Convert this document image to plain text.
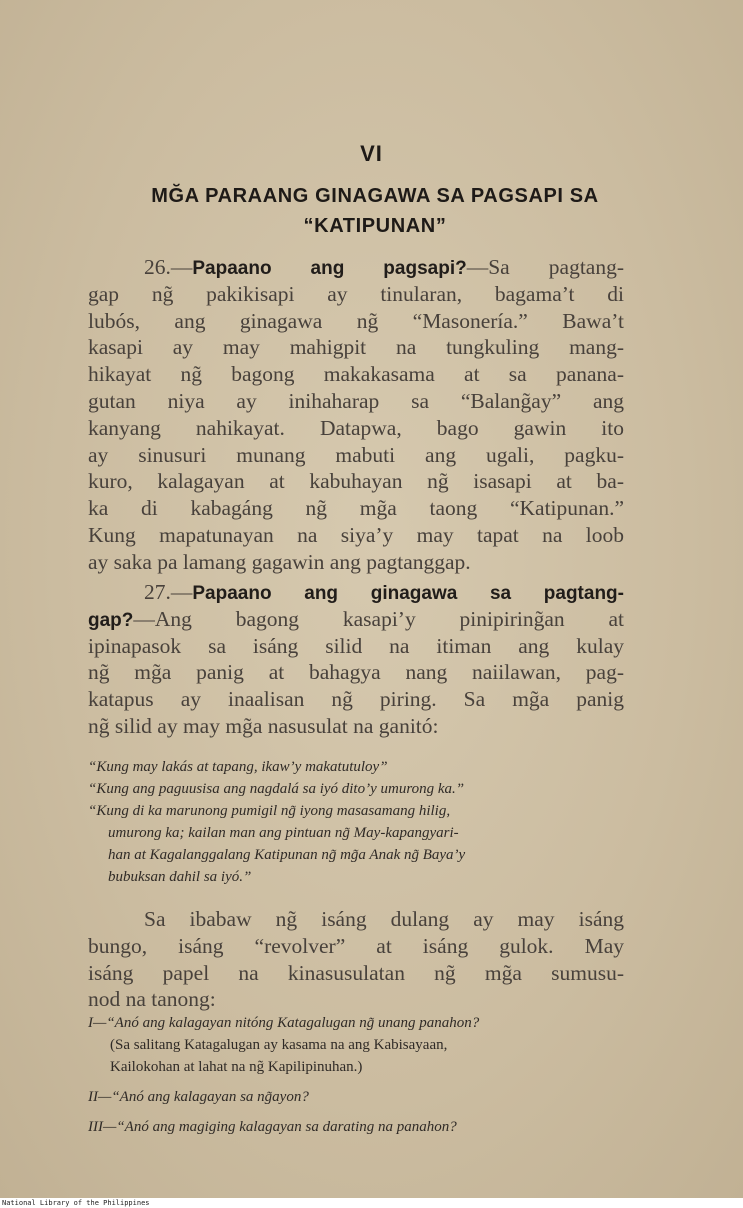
VI
MĞA PARAANG GINAGAWA SA PAGSAPI SA
“KATIPUNAN”
26.—Papaano ang pagsapi?—Sa pagtang-
gap ng̃ pakikisapi ay tinularan, bagama’t di
lubós, ang ginagawa ng̃ “Masonería.” Bawa’t
kasapi ay may mahigpit na tungkuling mang-
hikayat ng̃ bagong makakasama at sa panana-
gutan niya ay inihaharap sa “Balang̃ay” ang
kanyang nahikayat. Datapwa, bago gawin ito
ay sinusuri munang mabuti ang ugali, pagku-
kuro, kalagayan at kabuhayan ng̃ isasapi at ba-
ka di kabagáng ng̃ mg̃a taong “Katipunan.”
Kung mapatunayan na siya’y may tapat na loob
ay saka pa lamang gagawin ang pagtanggap.
27.—Papaano ang ginagawa sa pagtang-
gap?—Ang bagong kasapi’y pinipiring̃an at
ipinapasok sa isáng silid na itiman ang kulay
ng̃ mg̃a panig at bahagya nang naiilawan, pag-
katapus ay inaalisan ng̃ piring. Sa mg̃a panig
ng̃ silid ay may mg̃a nasusulat na ganitó:
“Kung may lakás at tapang, ikaw’y makatutuloy”
“Kung ang paguusisa ang nagdalá sa iyó dito’y umurong ka.”
“Kung di ka marunong pumigil ng̃ iyong masasamang hilig,
umurong ka; kailan man ang pintuan ng̃ May-kapangyari-
han at Kagalanggalang Katipunan ng̃ mg̃a Anak ng̃ Baya’y
bubuksan dahil sa iyó.”
Sa ibabaw ng̃ isáng dulang ay may isáng
bungo, isáng “revolver” at isáng gulok. May
isáng papel na kinasusulatan ng̃ mg̃a sumusu-
nod na tanong:
I—“Anó ang kalagayan nitóng Katagalugan ng̃ unang panahon?
(Sa salitang Katagalugan ay kasama na ang Kabisayaan,
Kailokohan at lahat na ng̃ Kapilipinuhan.)
II—“Anó ang kalagayan sa ng̃ayon?
III—“Anó ang magiging kalagayan sa darating na panahon?
National Library of the Philippines
